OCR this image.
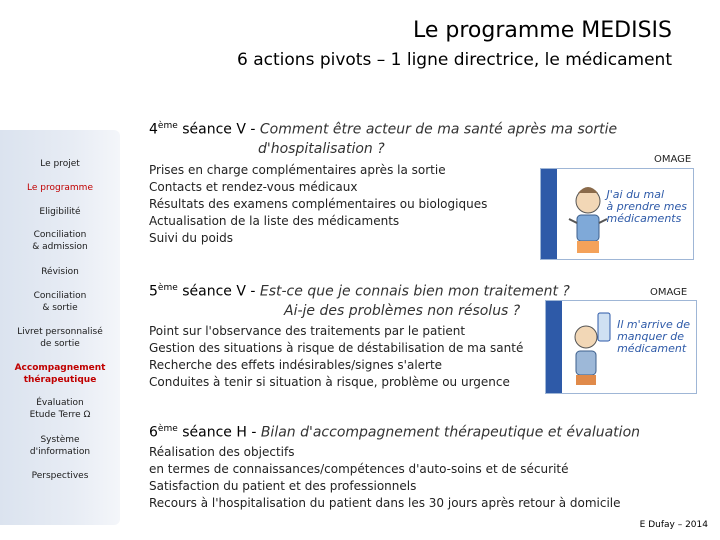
Le programme MEDISIS
6 actions pivots – 1 ligne directrice, le médicament
Le projet
Le programme
Eligibilité
Conciliation
& admission
Révision
Conciliation
& sortie
Livret personnalisé
de sortie
Accompagnement
thérapeutique
Évaluation
Etude Terre Ω
Système
d'information
Perspectives
4ème séance V - Comment être acteur de ma santé après ma sortie
d'hospitalisation ?
Prises en charge complémentaires après la sortie
Contacts et rendez-vous médicaux
Résultats des examens complémentaires ou biologiques
Actualisation de la liste des médicaments
Suivi du poids
OMAGE
J'ai du mal
à prendre mes
médicaments
5ème séance V - Est-ce que je connais bien mon traitement ?
Ai-je des problèmes non résolus ?
Point sur l'observance des traitements par le patient
Gestion des situations à risque de déstabilisation de ma santé
Recherche des effets indésirables/signes s'alerte
Conduites à tenir si situation à risque, problème ou urgence
OMAGE
Il m'arrive de
manquer de
médicament
6ème séance H - Bilan d'accompagnement thérapeutique et évaluation
Réalisation des objectifs
en termes de connaissances/compétences d'auto-soins et de sécurité
Satisfaction du patient et des professionnels
Recours à l'hospitalisation du patient dans les 30 jours après retour à domicile
E Dufay – 2014
